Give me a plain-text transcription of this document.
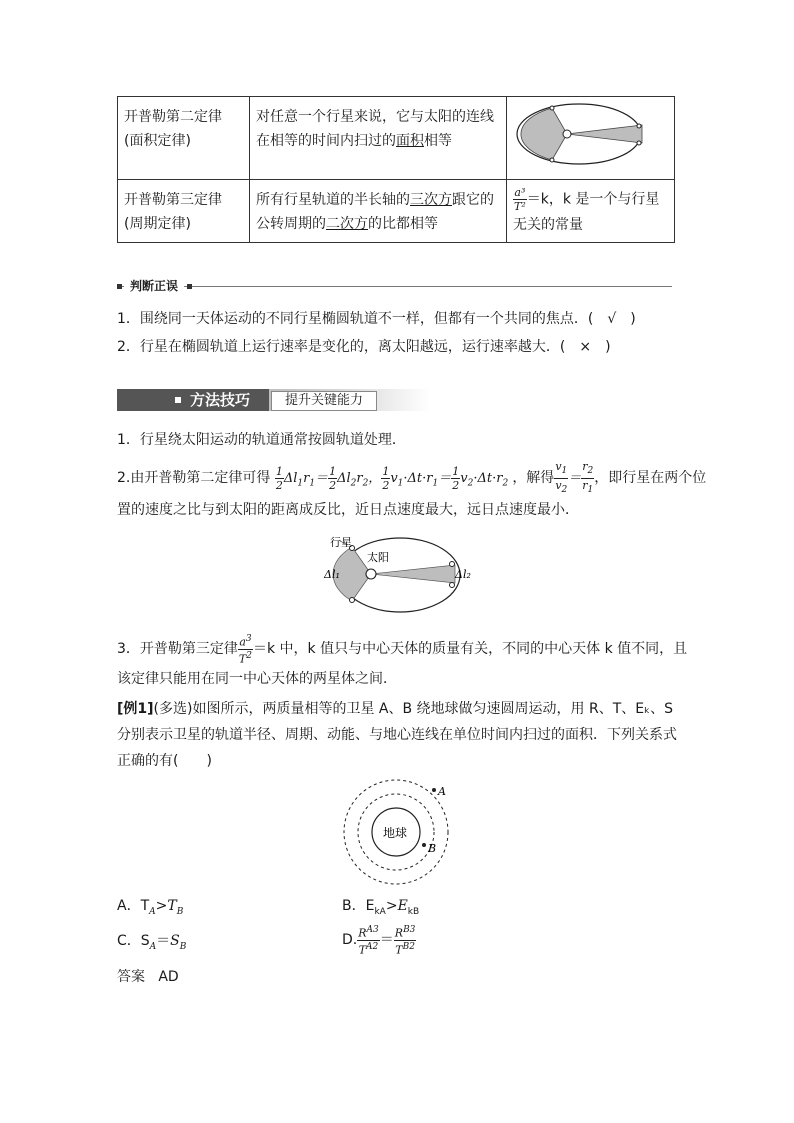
开普勒第二定律
(面积定律)	对任意一个行星来说，它与太阳的连线在相等的时间内扫过的面积相等	
开普勒第三定律
(周期定律)	所有行星轨道的半长轴的三次方跟它的公转周期的二次方的比都相等	$\frac{\text{a³}}{\text{T²}} =k$，k 是一个与行星无关的常量
判断正误
1．围绕同一天体运动的不同行星椭圆轨道不一样，但都有一个共同的焦点．(　√　)
2．行星在椭圆轨道上运行速率是变化的，离太阳越远，运行速率越大．(　×　)
方法技巧	提升关键能力
1．行星绕太阳运动的轨道通常按圆轨道处理．
2.由开普勒第二定律可得 $\frac{1}{2} \Delta l_1r_1= \frac{1}{2} \Delta l_2r_2$， $\frac{1}{2} v_1\cdot\Delta t\cdot r_1= \frac{1}{2} v_2\cdot\Delta t\cdot r_2$ ，解得 $\frac{v_1}{v_2} = \frac{r_2}{r_1}$ ，即行星在两个位
置的速度之比与到太阳的距离成反比，近日点速度最大，远日点速度最小．
行星
太阳
Δl₁	Δl₂
3．开普勒第三定律 $\frac{a^3}{T^2} =k$ 中，k 值只与中心天体的质量有关，不同的中心天体 k 值不同，且
该定律只能用在同一中心天体的两星体之间．
[例1](多选)如图所示，两质量相等的卫星 A、B 绕地球做匀速圆周运动，用 R、T、Eₖ、S
分别表示卫星的轨道半径、周期、动能、与地心连线在单位时间内扫过的面积．下列关系式
正确的有(　　)
地球
A
B
A．$T_A>T_B$	B．$E_{kA}>E_{kB}$
C．$S_A=S_B$	D. $\frac{R^{A3}}{T^{A2}} = \frac{R^{B3}}{T^{B2}}$
答案 AD
